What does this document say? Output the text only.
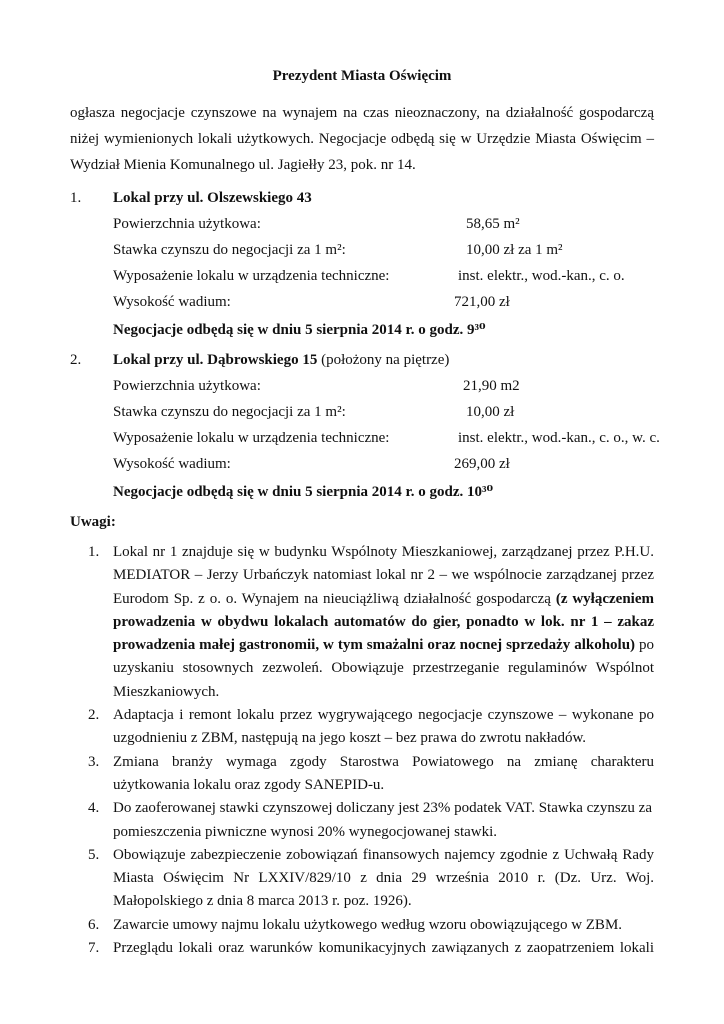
Prezydent Miasta Oświęcim

ogłasza negocjacje czynszowe na wynajem na czas nieoznaczony, na działalność gospodarczą niżej wymienionych lokali użytkowych. Negocjacje odbędą się w Urzędzie Miasta Oświęcim – Wydział Mienia Komunalnego ul. Jagiełły 23, pok. nr 14.

1. Lokal przy ul. Olszewskiego 43
Powierzchnia użytkowa:	58,65 m²
Stawka czynszu do negocjacji za 1 m²:	10,00 zł za 1 m²
Wyposażenie lokalu w urządzenia techniczne:	inst. elektr., wod.-kan., c. o.
Wysokość wadium:	721,00 zł
Negocjacje odbędą się w dniu 5 sierpnia 2014 r. o godz. 9³⁰
2. Lokal przy ul. Dąbrowskiego 15 (położony na piętrze)
Powierzchnia użytkowa:	21,90 m2
Stawka czynszu do negocjacji za 1 m²:	10,00 zł
Wyposażenie lokalu w urządzenia techniczne:	inst. elektr., wod.-kan., c. o., w. c.
Wysokość wadium:	269,00 zł
Negocjacje odbędą się w dniu 5 sierpnia 2014 r. o godz. 10³⁰
Uwagi:
1. Lokal nr 1 znajduje się w budynku Wspólnoty Mieszkaniowej, zarządzanej przez P.H.U. MEDIATOR – Jerzy Urbańczyk natomiast lokal nr 2 – we wspólnocie zarządzanej przez Eurodom Sp. z o. o. Wynajem na nieuciążliwą działalność gospodarczą (z wyłączeniem prowadzenia w obydwu lokalach automatów do gier, ponadto w lok. nr 1 – zakaz prowadzenia małej gastronomii, w tym smażalni oraz nocnej sprzedaży alkoholu) po uzyskaniu stosownych zezwoleń. Obowiązuje przestrzeganie regulaminów Wspólnot Mieszkaniowych.
2. Adaptacja i remont lokalu przez wygrywającego negocjacje czynszowe – wykonane po uzgodnieniu z ZBM, następują na jego koszt – bez prawa do zwrotu nakładów.
3. Zmiana branży wymaga zgody Starostwa Powiatowego na zmianę charakteru użytkowania lokalu oraz zgody SANEPID-u.
4. Do zaoferowanej stawki czynszowej doliczany jest 23% podatek VAT. Stawka czynszu za pomieszczenia piwniczne wynosi 20% wynegocjowanej stawki.
5. Obowiązuje zabezpieczenie zobowiązań finansowych najemcy zgodnie z Uchwałą Rady Miasta Oświęcim Nr LXXIV/829/10 z dnia 29 września 2010 r. (Dz. Urz. Woj. Małopolskiego z dnia 8 marca 2013 r. poz. 1926).
6. Zawarcie umowy najmu lokalu użytkowego według wzoru obowiązującego w ZBM.
7. Przeglądu lokali oraz warunków komunikacyjnych zawiązanych z zaopatrzeniem lokali
